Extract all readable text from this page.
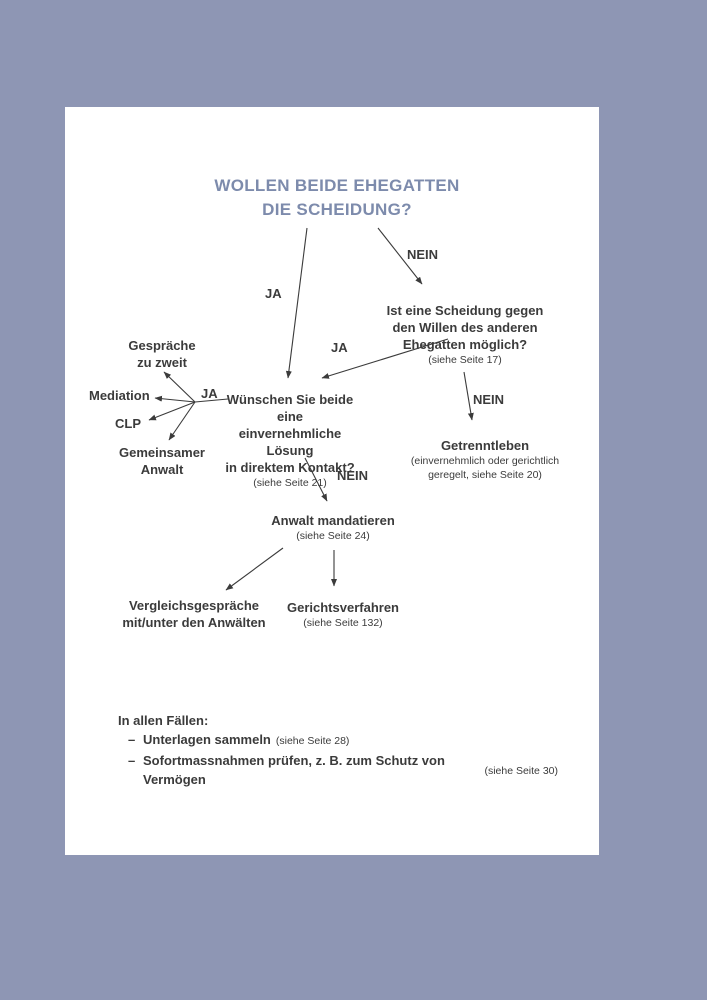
WOLLEN BEIDE EHEGATTEN
DIE SCHEIDUNG?
JA
NEIN
JA
NEIN
NEIN
JA
Ist eine Scheidung gegen
den Willen des anderen
Ehegatten möglich?
(siehe Seite 17)
Wünschen Sie beide eine
einvernehmliche Lösung
in direktem Kontakt?
(siehe Seite 21)
Getrenntleben
(einvernehmlich oder gerichtlich
geregelt, siehe Seite 20)
Gespräche
zu zweit
Mediation
CLP
Gemeinsamer
Anwalt
Anwalt mandatieren
(siehe Seite 24)
Vergleichsgespräche
mit/unter den Anwälten
Gerichtsverfahren
(siehe Seite 132)
In allen Fällen:
– Unterlagen sammeln (siehe Seite 28)
– Sofortmassnahmen prüfen, z. B. zum Schutz von Vermögen
(siehe Seite 30)
